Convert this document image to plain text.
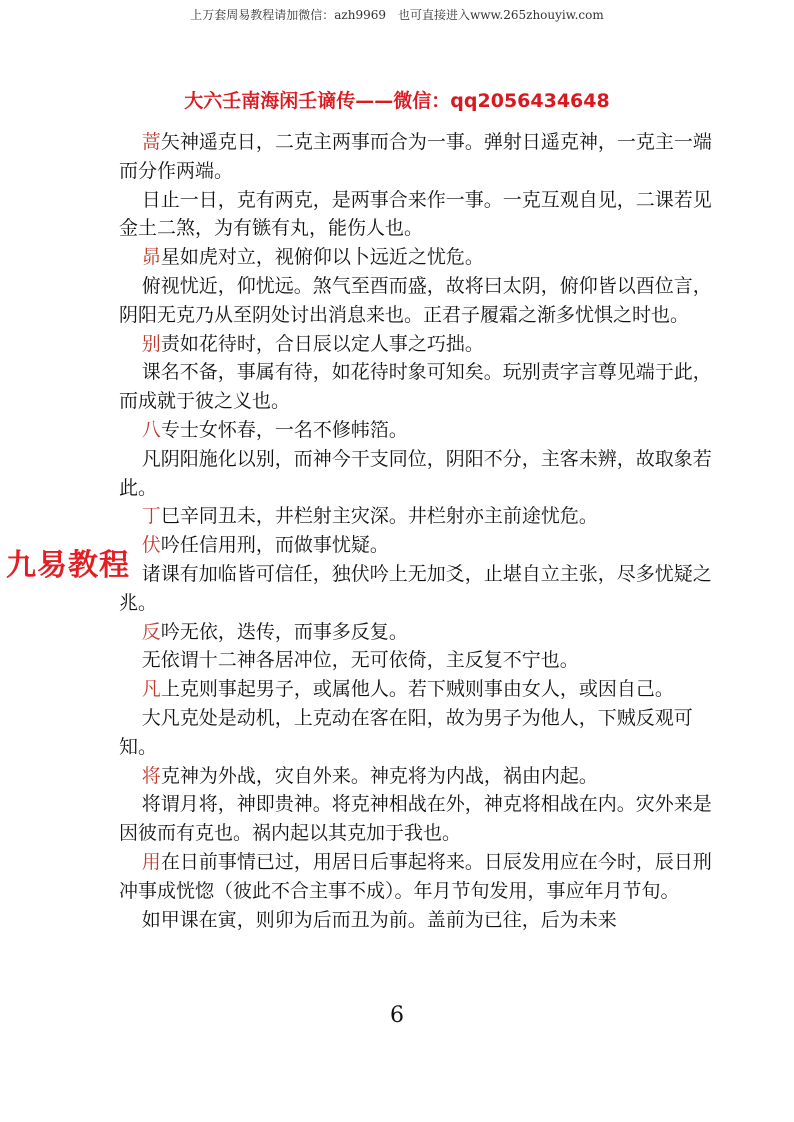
上万套周易教程请加微信：azh9969　也可直接进入www.265zhouyiw.com
大六壬南海闲壬谪传——微信：qq2056434648
九易教程

蒿矢神遥克日，二克主两事而合为一事。弹射日遥克神，一克主一端而分作两端。

日止一日，克有两克，是两事合来作一事。一克互观自见，二课若见金土二煞，为有镞有丸，能伤人也。

昴星如虎对立，视俯仰以卜远近之忧危。

俯视忧近，仰忧远。煞气至酉而盛，故将曰太阴，俯仰皆以酉位言，阴阳无克乃从至阴处讨出消息来也。正君子履霜之渐多忧惧之时也。

别责如花待时，合日辰以定人事之巧拙。

课名不备，事属有待，如花待时象可知矣。玩别责字言尊见端于此，而成就于彼之义也。

八专士女怀春，一名不修帏箔。

凡阴阳施化以别，而神今干支同位，阴阳不分，主客未辨，故取象若此。

丁巳辛同丑未，井栏射主灾深。井栏射亦主前途忧危。

伏吟任信用刑，而做事忧疑。

诸课有加临皆可信任，独伏吟上无加爻，止堪自立主张，尽多忧疑之兆。

反吟无依，迭传，而事多反复。

无依谓十二神各居冲位，无可依倚，主反复不宁也。

凡上克则事起男子，或属他人。若下贼则事由女人，或因自己。

大凡克处是动机，上克动在客在阳，故为男子为他人，下贼反观可知。

将克神为外战，灾自外来。神克将为内战，祸由内起。

将谓月将，神即贵神。将克神相战在外，神克将相战在内。灾外来是因彼而有克也。祸内起以其克加于我也。

用在日前事情已过，用居日后事起将来。日辰发用应在今时，辰日刑冲事成恍惚（彼此不合主事不成）。年月节旬发用，事应年月节旬。

如甲课在寅，则卯为后而丑为前。盖前为已往，后为未来

6
